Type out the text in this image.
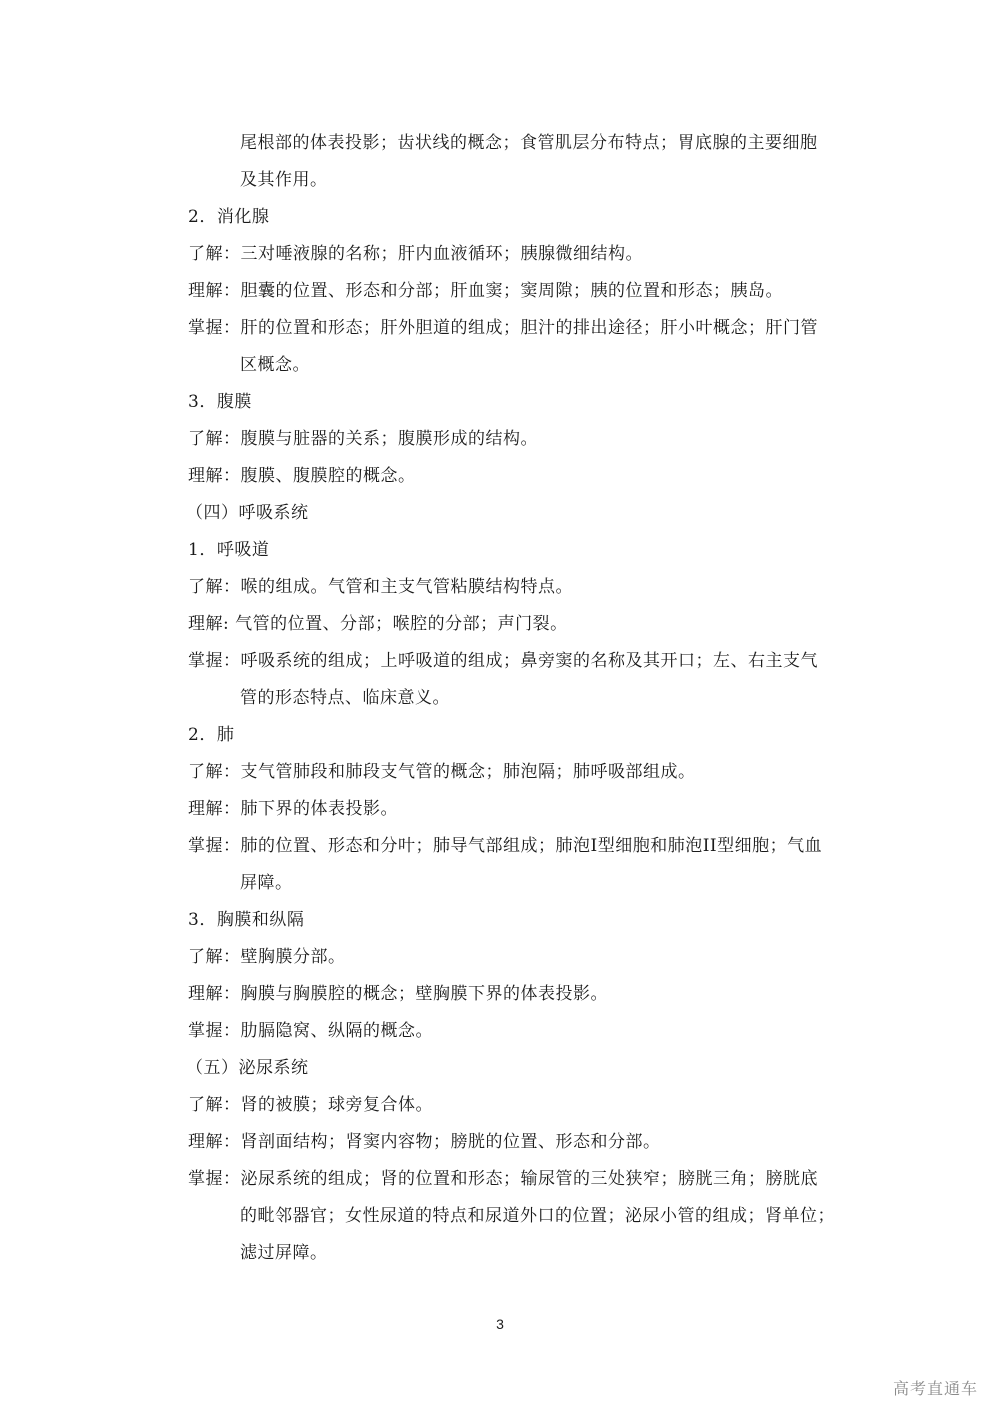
尾根部的体表投影；齿状线的概念；食管肌层分布特点；胃底腺的主要细胞
及其作用。
2．消化腺
了解：三对唾液腺的名称；肝内血液循环；胰腺微细结构。
理解：胆囊的位置、形态和分部；肝血窦；窦周隙；胰的位置和形态；胰岛。
掌握：肝的位置和形态；肝外胆道的组成；胆汁的排出途径；肝小叶概念；肝门管
区概念。
3．腹膜
了解：腹膜与脏器的关系；腹膜形成的结构。
理解：腹膜、腹膜腔的概念。
（四）呼吸系统
1．呼吸道
了解：喉的组成。气管和主支气管粘膜结构特点。
理解: 气管的位置、分部；喉腔的分部；声门裂。
掌握：呼吸系统的组成；上呼吸道的组成；鼻旁窦的名称及其开口；左、右主支气
管的形态特点、临床意义。
2．肺
了解：支气管肺段和肺段支气管的概念；肺泡隔；肺呼吸部组成。
理解：肺下界的体表投影。
掌握：肺的位置、形态和分叶；肺导气部组成；肺泡I型细胞和肺泡II型细胞；气血
屏障。
3．胸膜和纵隔
了解：壁胸膜分部。
理解：胸膜与胸膜腔的概念；壁胸膜下界的体表投影。
掌握：肋膈隐窝、纵隔的概念。
（五）泌尿系统
了解：肾的被膜；球旁复合体。
理解：肾剖面结构；肾窦内容物；膀胱的位置、形态和分部。
掌握：泌尿系统的组成；肾的位置和形态；输尿管的三处狭窄；膀胱三角；膀胱底
的毗邻器官；女性尿道的特点和尿道外口的位置；泌尿小管的组成；肾单位；
滤过屏障。
3
高考直通车
